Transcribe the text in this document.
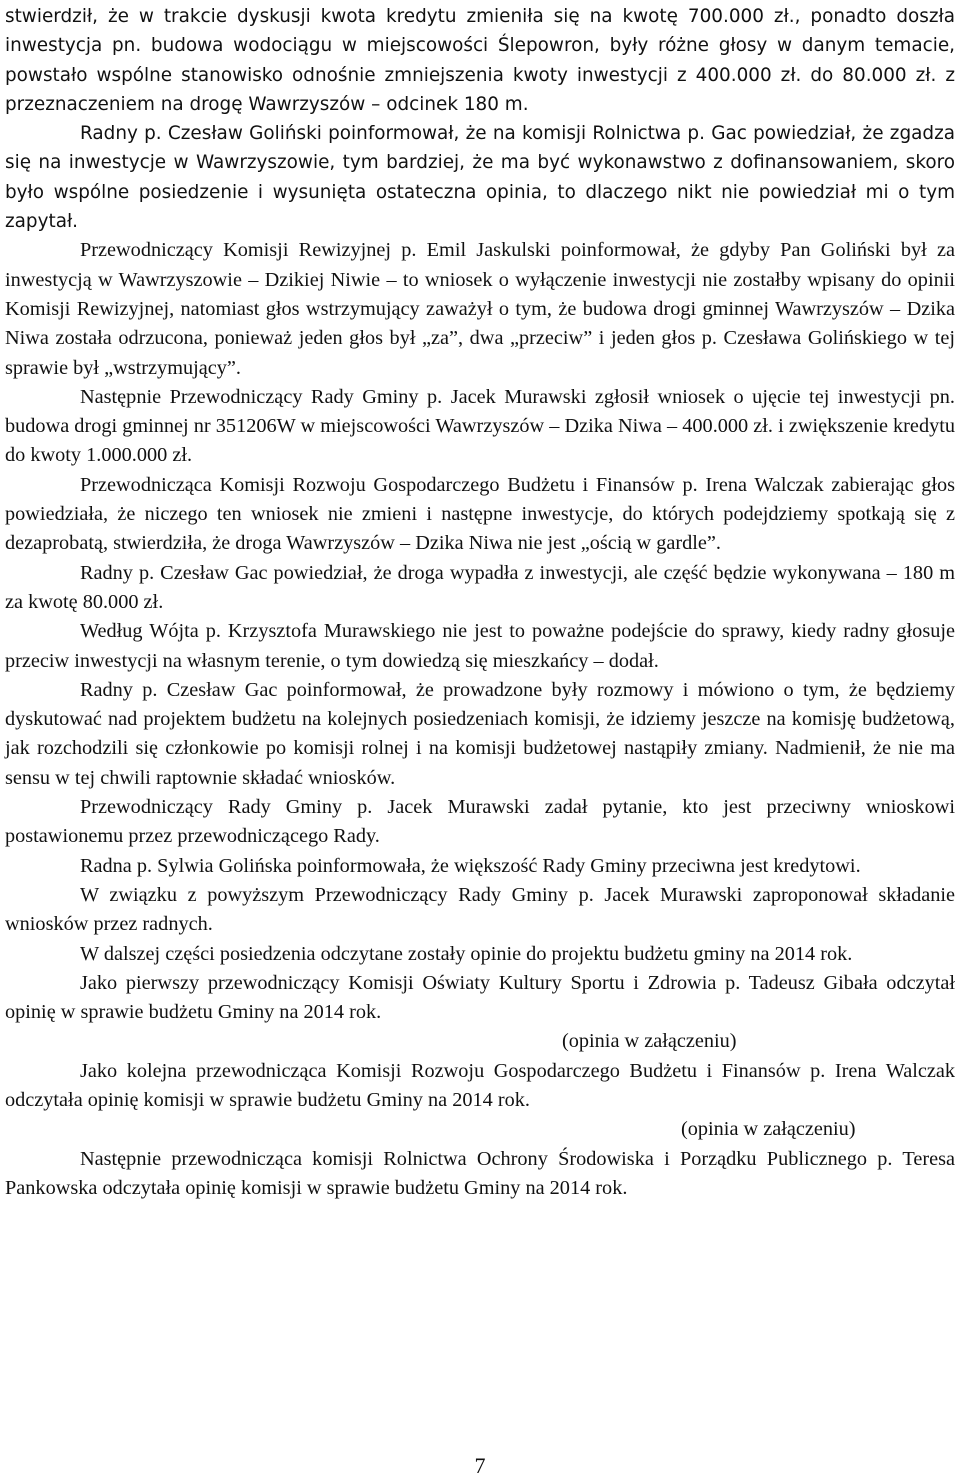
stwierdził, że w trakcie dyskusji kwota kredytu zmieniła się na kwotę 700.000 zł., ponadto doszła inwestycja pn. budowa wodociągu w miejscowości Ślepowron, były różne głosy w danym temacie, powstało wspólne stanowisko odnośnie zmniejszenia kwoty inwestycji z 400.000 zł. do 80.000 zł. z przeznaczeniem na drogę Wawrzyszów – odcinek 180 m.

Radny p. Czesław Goliński poinformował, że na komisji Rolnictwa p. Gac powiedział, że zgadza się na inwestycje w Wawrzyszowie, tym bardziej, że ma być wykonawstwo z dofinansowaniem, skoro było wspólne posiedzenie i wysunięta ostateczna opinia, to dlaczego nikt nie powiedział mi o tym zapytał.

Przewodniczący Komisji Rewizyjnej p. Emil Jaskulski poinformował, że gdyby Pan Goliński był za inwestycją w Wawrzyszowie – Dzikiej Niwie – to wniosek o wyłączenie inwestycji nie zostałby wpisany do opinii Komisji Rewizyjnej, natomiast głos wstrzymujący zaważył o tym, że budowa drogi gminnej Wawrzyszów – Dzika Niwa została odrzucona, ponieważ jeden głos był „za”, dwa „przeciw” i jeden głos p. Czesława Golińskiego w tej sprawie był „wstrzymujący”.

Następnie Przewodniczący Rady Gminy p. Jacek Murawski zgłosił wniosek o ujęcie tej inwestycji pn. budowa drogi gminnej nr 351206W w miejscowości Wawrzyszów – Dzika Niwa – 400.000 zł. i zwiększenie kredytu do kwoty 1.000.000 zł.

Przewodnicząca Komisji Rozwoju Gospodarczego Budżetu i Finansów p. Irena Walczak zabierając głos powiedziała, że niczego ten wniosek nie zmieni i następne inwestycje, do których podejdziemy spotkają się z dezaprobatą, stwierdziła, że droga Wawrzyszów – Dzika Niwa nie jest „ością w gardle”.

Radny p. Czesław Gac powiedział, że droga wypadła z inwestycji, ale część będzie wykonywana – 180 m za kwotę 80.000 zł.

Według Wójta p. Krzysztofa Murawskiego nie jest to poważne podejście do sprawy, kiedy radny głosuje przeciw inwestycji na własnym terenie, o tym dowiedzą się mieszkańcy – dodał.

Radny p. Czesław Gac poinformował, że prowadzone były rozmowy i mówiono o tym, że będziemy dyskutować nad projektem budżetu na kolejnych posiedzeniach komisji, że idziemy jeszcze na komisję budżetową, jak rozchodzili się członkowie po komisji rolnej i na komisji budżetowej nastąpiły zmiany. Nadmienił, że nie ma sensu w tej chwili raptownie składać wniosków.

Przewodniczący Rady Gminy p. Jacek Murawski zadał pytanie, kto jest przeciwny wnioskowi postawionemu przez przewodniczącego Rady.

Radna p. Sylwia Golińska poinformowała, że większość Rady Gminy przeciwna jest kredytowi.

W związku z powyższym Przewodniczący Rady Gminy p. Jacek Murawski zaproponował składanie wniosków przez radnych.

W dalszej części posiedzenia odczytane zostały opinie do projektu budżetu gminy na 2014 rok.

Jako pierwszy przewodniczący Komisji Oświaty Kultury Sportu i Zdrowia p. Tadeusz Gibała odczytał opinię w sprawie budżetu Gminy na 2014 rok.

(opinia w załączeniu)

Jako kolejna przewodnicząca Komisji Rozwoju Gospodarczego Budżetu i Finansów p. Irena Walczak odczytała opinię komisji w sprawie budżetu Gminy na 2014 rok.

(opinia w załączeniu)

Następnie przewodnicząca komisji Rolnictwa Ochrony Środowiska i Porządku Publicznego p. Teresa Pankowska odczytała opinię komisji w sprawie budżetu Gminy na 2014 rok.

7
